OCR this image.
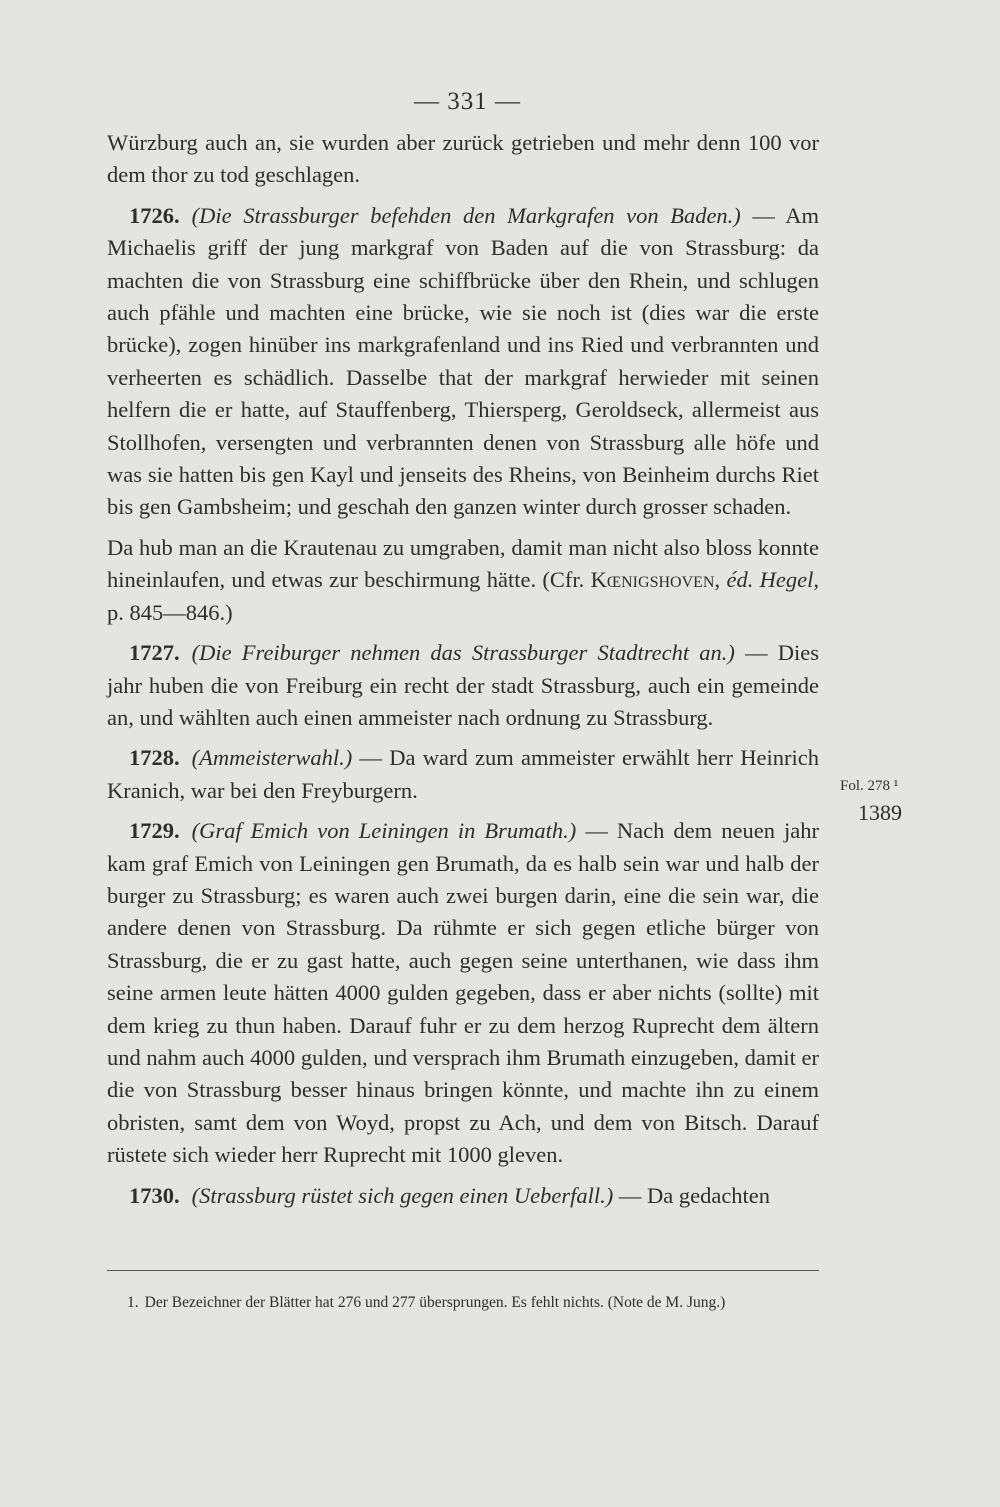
— 331 —

Würzburg auch an, sie wurden aber zurück getrieben und mehr denn 100 vor dem thor zu tod geschlagen.

1726. (Die Strassburger befehden den Markgrafen von Baden.) — Am Michaelis griff der jung markgraf von Baden auf die von Strassburg: da machten die von Strassburg eine schiffbrücke über den Rhein, und schlugen auch pfähle und machten eine brücke, wie sie noch ist (dies war die erste brücke), zogen hinüber ins markgrafenland und ins Ried und verbrannten und verheerten es schädlich. Dasselbe that der markgraf herwieder mit seinen helfern die er hatte, auf Stauffenberg, Thiersperg, Geroldseck, allermeist aus Stollhofen, versengten und verbrannten denen von Strassburg alle höfe und was sie hatten bis gen Kayl und jenseits des Rheins, von Beinheim durchs Riet bis gen Gambsheim; und geschah den ganzen winter durch grosser schaden.

Da hub man an die Krautenau zu umgraben, damit man nicht also bloss konnte hineinlaufen, und etwas zur beschirmung hätte. (Cfr. Kœnigshoven, éd. Hegel, p. 845—846.)

1727. (Die Freiburger nehmen das Strassburger Stadtrecht an.) — Dies jahr huben die von Freiburg ein recht der stadt Strassburg, auch ein gemeinde an, und wählten auch einen ammeister nach ordnung zu Strassburg.

1728. (Ammeisterwahl.) — Da ward zum ammeister erwählt herr Heinrich Kranich, war bei den Freyburgern.

1729. (Graf Emich von Leiningen in Brumath.) — Nach dem neuen jahr kam graf Emich von Leiningen gen Brumath, da es halb sein war und halb der burger zu Strassburg; es waren auch zwei burgen darin, eine die sein war, die andere denen von Strassburg. Da rühmte er sich gegen etliche bürger von Strassburg, die er zu gast hatte, auch gegen seine unterthanen, wie dass ihm seine armen leute hätten 4000 gulden gegeben, dass er aber nichts (sollte) mit dem krieg zu thun haben. Darauf fuhr er zu dem herzog Ruprecht dem ältern und nahm auch 4000 gulden, und versprach ihm Brumath einzugeben, damit er die von Strassburg besser hinaus bringen könnte, und machte ihn zu einem obristen, samt dem von Woyd, propst zu Ach, und dem von Bitsch. Darauf rüstete sich wieder herr Ruprecht mit 1000 gleven.

1730. (Strassburg rüstet sich gegen einen Ueberfall.) — Da gedachten

Fol. 278 ¹
1389
1. Der Bezeichner der Blätter hat 276 und 277 übersprungen. Es fehlt nichts. (Note de M. Jung.)
